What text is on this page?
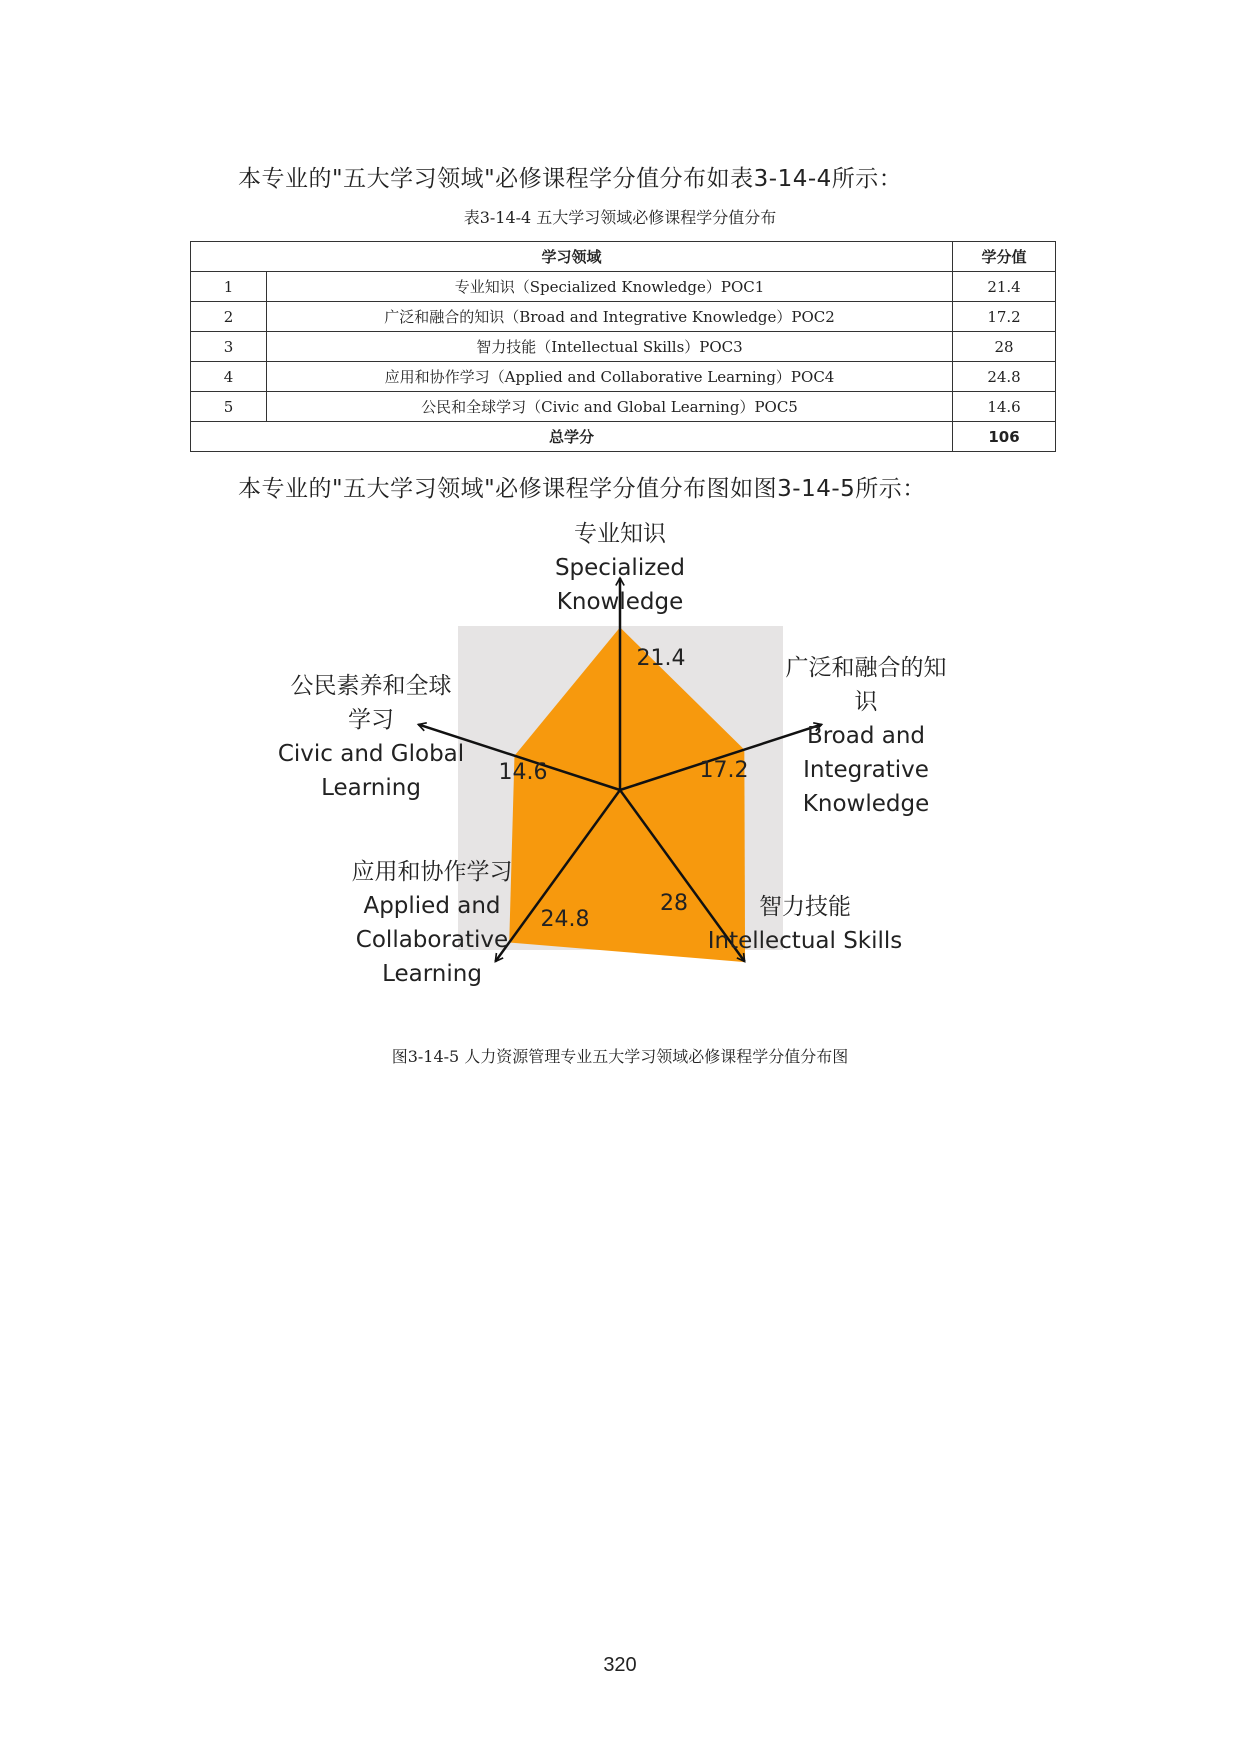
本专业的"五大学习领域"必修课程学分值分布如表3-14-4所示：
表3-14-4 五大学习领域必修课程学分值分布
学习领域		学分值
1	专业知识（Specialized Knowledge）POC1	21.4
2	广泛和融合的知识（Broad and Integrative Knowledge）POC2	17.2
3	智力技能（Intellectual Skills）POC3	28
4	应用和协作学习（Applied and Collaborative Learning）POC4	24.8
5	公民和全球学习（Civic and Global Learning）POC5	14.6
总学分		106
本专业的"五大学习领域"必修课程学分值分布图如图3-14-5所示：
21.4
17.2
28
24.8
14.6
专业知识 Specialized Knowledge
广泛和融合的知识 Broad and Integrative Knowledge
智力技能 Intellectual Skills
应用和协作学习 Applied and Collaborative Learning
公民素养和全球学习 Civic and Global Learning
图3-14-5 人力资源管理专业五大学习领域必修课程学分值分布图
320
